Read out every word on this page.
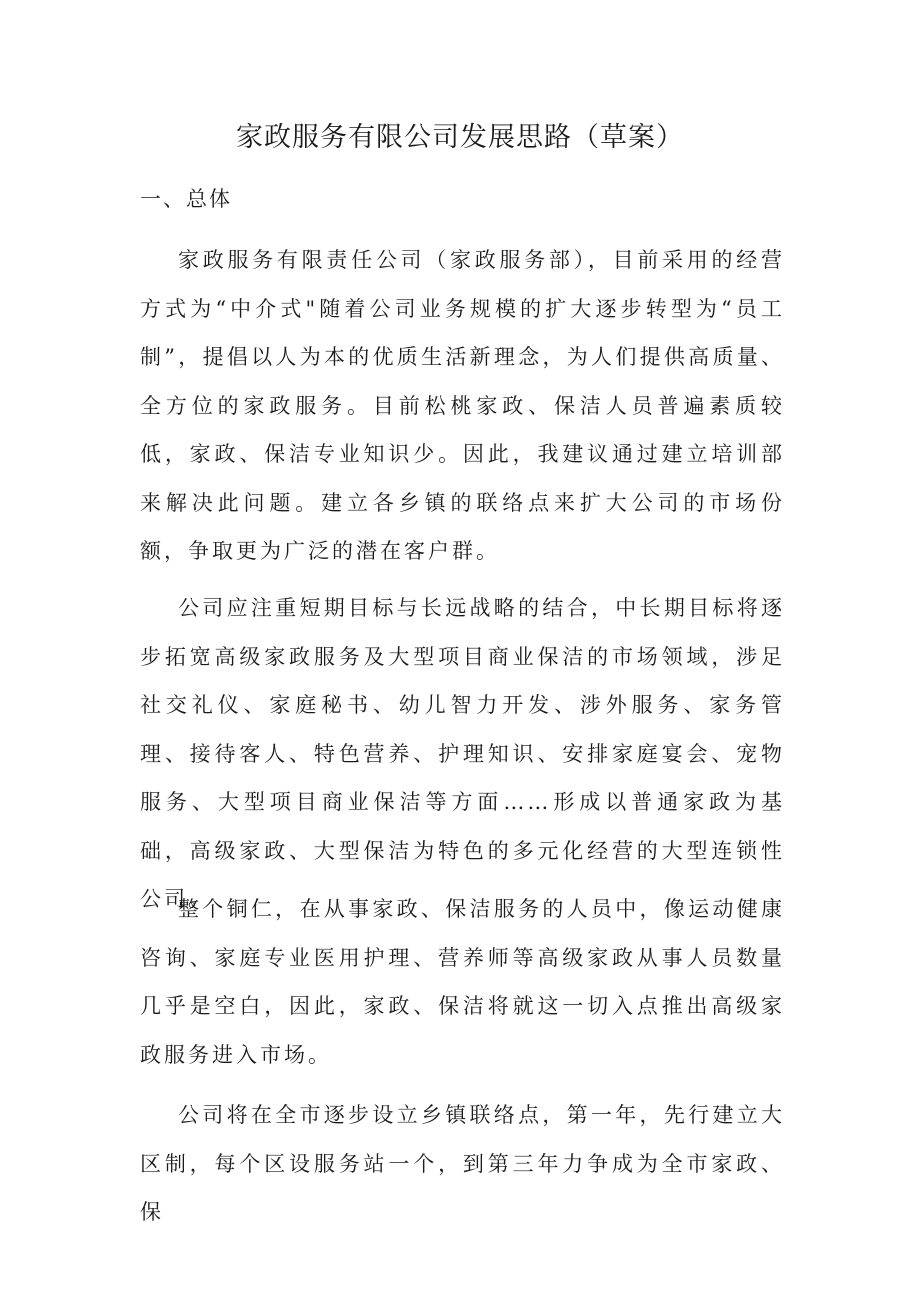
家政服务有限公司发展思路（草案）
一、总体

家政服务有限责任公司（家政服务部），目前采用的经营方式为“中介式"随着公司业务规模的扩大逐步转型为“员工制”，提倡以人为本的优质生活新理念，为人们提供高质量、全方位的家政服务。目前松桃家政、保洁人员普遍素质较低，家政、保洁专业知识少。因此，我建议通过建立培训部来解决此问题。建立各乡镇的联络点来扩大公司的市场份额，争取更为广泛的潜在客户群。

公司应注重短期目标与长远战略的结合，中长期目标将逐步拓宽高级家政服务及大型项目商业保洁的市场领域，涉足社交礼仪、家庭秘书、幼儿智力开发、涉外服务、家务管理、接待客人、特色营养、护理知识、安排家庭宴会、宠物服务、大型项目商业保洁等方面……形成以普通家政为基础，高级家政、大型保洁为特色的多元化经营的大型连锁性公司。

整个铜仁，在从事家政、保洁服务的人员中，像运动健康咨询、家庭专业医用护理、营养师等高级家政从事人员数量几乎是空白，因此，家政、保洁将就这一切入点推出高级家政服务进入市场。

公司将在全市逐步设立乡镇联络点，第一年，先行建立大区制，每个区设服务站一个，到第三年力争成为全市家政、保
